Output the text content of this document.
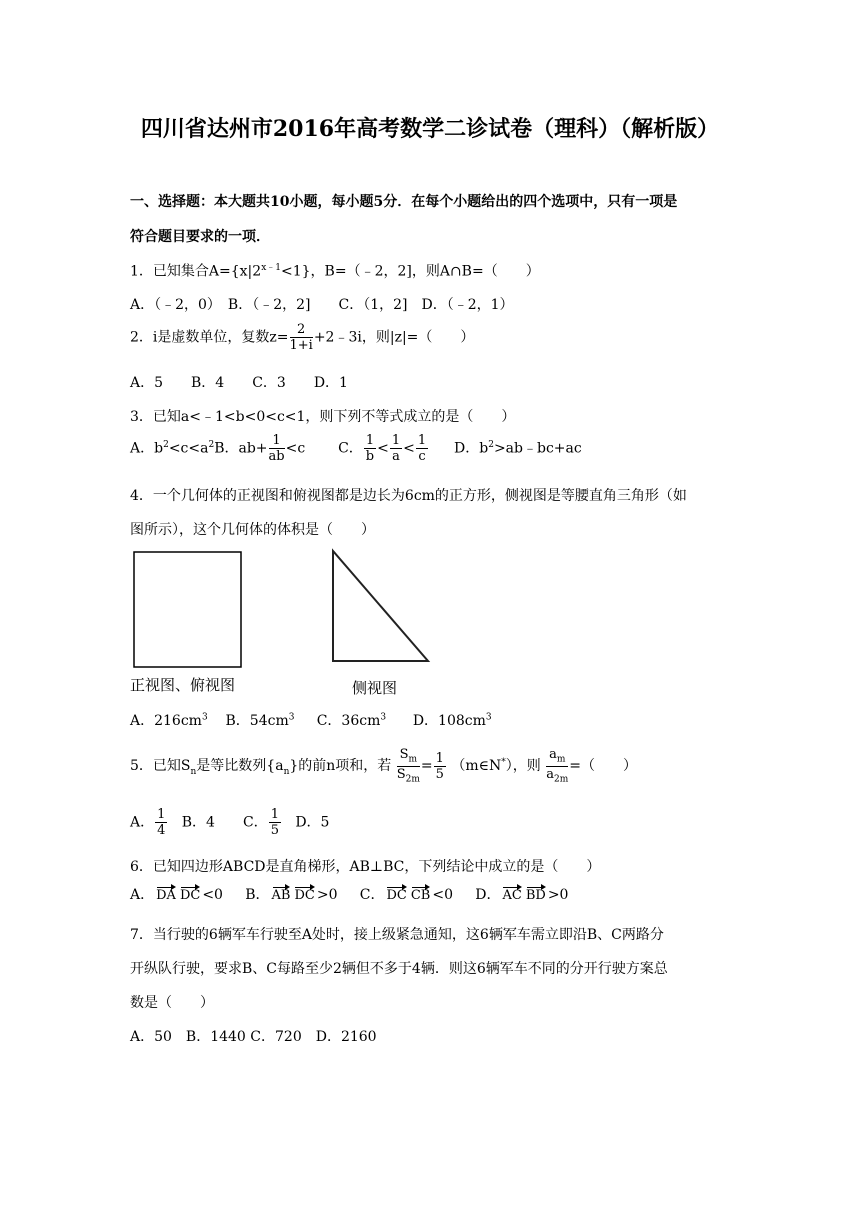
四川省达州市2016年高考数学二诊试卷（理科）（解析版）
一、选择题：本大题共10小题，每小题5分．在每个小题给出的四个选项中，只有一项是
符合题目要求的一项．
1．已知集合$A=\{x|2^{x﹣1}<1\}$，B=（﹣2，2]，则A∩B=（　　）
A．（﹣2，0）　B．（﹣2，2]　　C．（1，2]　D．（﹣2，1）
2．i是虚数单位，复数$z= \frac{2}{1+i}$ +2﹣3i，则|z|=（　　）
A．5　　B．4　　C．3　　D．1
3．已知a<﹣1<b<0<c<1，则下列不等式成立的是（　　）
A．$b^2<c<a^2B$．$ab+ \frac{1}{ab} <c$ C． $\frac{1}{b} < \frac{1}{a} < \frac{1}{c}$ D．$b^2>ab﹣bc+ac$
4．一个几何体的正视图和俯视图都是边长为6cm的正方形，侧视图是等腰直角三角形（如
图所示），这个几何体的体积是（　　）
正视图、俯视图	侧视图
A．$216cm^3$ B．$54cm^3$ C．$36cm^3$ D．$108cm^3$
5．已知$S_n$是等比数列$\{a_n\}$的前n项和，若 $\frac{S_m}{S_{2m}} = \frac{1}{5}$ （m∈N*），则 $\frac{a_m}{a_{2m}}$ =（　　）
A． $\frac{1}{4}$ B．4　　C． $\frac{1}{5}$ D．5
6．已知四边形ABCD是直角梯形，AB⊥BC，下列结论中成立的是（　　）
A． DA DC <0 B． AB DC >0 C． DC CB <0 D． AC BD >0
7．当行驶的6辆军车行驶至A处时，接上级紧急通知，这6辆军车需立即沿B、C两路分
开纵队行驶，要求B、C每路至少2辆但不多于4辆．则这6辆军车不同的分开行驶方案总
数是（　　）
A．50　B．1440 C．720　D．2160
